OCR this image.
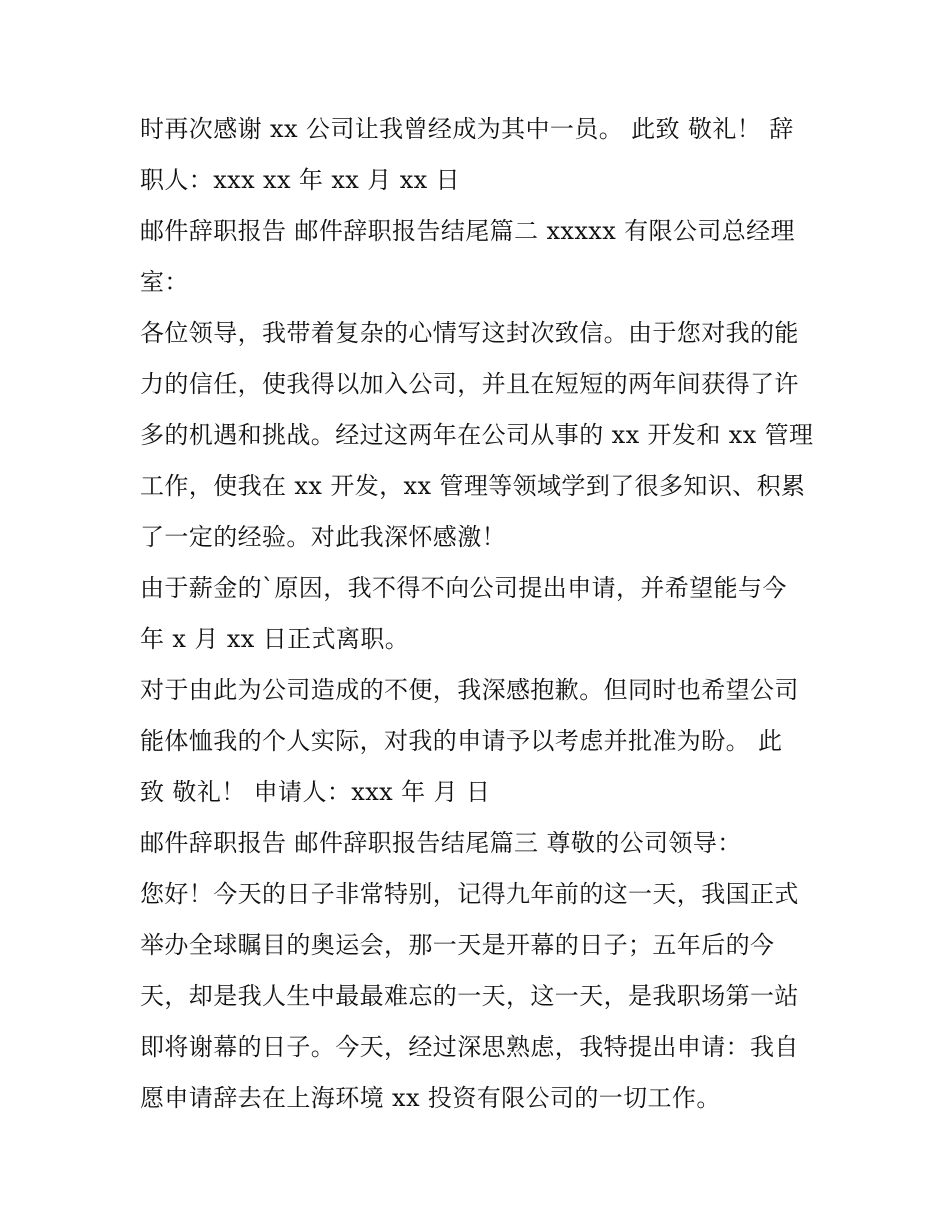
时再次感谢 xx 公司让我曾经成为其中一员。 此致 敬礼！ 辞
职人：xxx xx 年 xx 月 xx 日
邮件辞职报告 邮件辞职报告结尾篇二 xxxxx 有限公司总经理
室：
各位领导，我带着复杂的心情写这封次致信。由于您对我的能
力的信任，使我得以加入公司，并且在短短的两年间获得了许
多的机遇和挑战。经过这两年在公司从事的 xx 开发和 xx 管理
工作，使我在 xx 开发，xx 管理等领域学到了很多知识、积累
了一定的经验。对此我深怀感激！
由于薪金的`原因，我不得不向公司提出申请，并希望能与今
年 x 月 xx 日正式离职。
对于由此为公司造成的不便，我深感抱歉。但同时也希望公司
能体恤我的个人实际，对我的申请予以考虑并批准为盼。 此
致 敬礼！ 申请人：xxx 年 月 日
邮件辞职报告 邮件辞职报告结尾篇三 尊敬的公司领导：
您好！今天的日子非常特别，记得九年前的这一天，我国正式
举办全球瞩目的奥运会，那一天是开幕的日子；五年后的今
天，却是我人生中最最难忘的一天，这一天，是我职场第一站
即将谢幕的日子。今天，经过深思熟虑，我特提出申请：我自
愿申请辞去在上海环境 xx 投资有限公司的一切工作。
